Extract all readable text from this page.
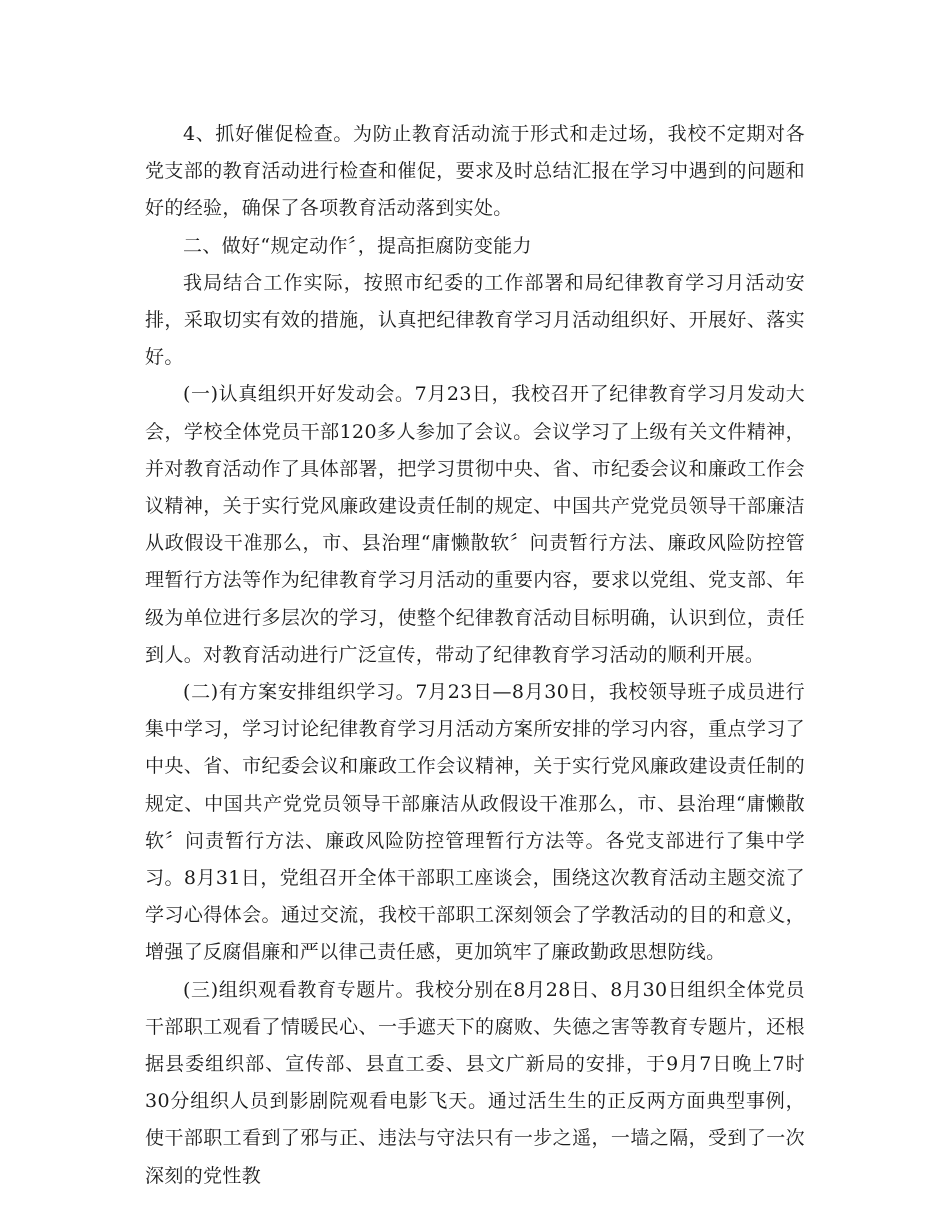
4、抓好催促检查。为防止教育活动流于形式和走过场，我校不定期对各党支部的教育活动进行检查和催促，要求及时总结汇报在学习中遇到的问题和好的经验，确保了各项教育活动落到实处。

二、做好“规定动作〞，提高拒腐防变能力

我局结合工作实际，按照市纪委的工作部署和局纪律教育学习月活动安排，采取切实有效的措施，认真把纪律教育学习月活动组织好、开展好、落实好。

(一)认真组织开好发动会。7月23日，我校召开了纪律教育学习月发动大会，学校全体党员干部120多人参加了会议。会议学习了上级有关文件精神，并对教育活动作了具体部署，把学习贯彻中央、省、市纪委会议和廉政工作会议精神，关于实行党风廉政建设责任制的规定、中国共产党党员领导干部廉洁从政假设干准那么，市、县治理“庸懒散软〞问责暂行方法、廉政风险防控管理暂行方法等作为纪律教育学习月活动的重要内容，要求以党组、党支部、年级为单位进行多层次的学习，使整个纪律教育活动目标明确，认识到位，责任到人。对教育活动进行广泛宣传，带动了纪律教育学习活动的顺利开展。

(二)有方案安排组织学习。7月23日—8月30日，我校领导班子成员进行集中学习，学习讨论纪律教育学习月活动方案所安排的学习内容，重点学习了中央、省、市纪委会议和廉政工作会议精神，关于实行党风廉政建设责任制的规定、中国共产党党员领导干部廉洁从政假设干准那么，市、县治理“庸懒散软〞问责暂行方法、廉政风险防控管理暂行方法等。各党支部进行了集中学习。8月31日，党组召开全体干部职工座谈会，围绕这次教育活动主题交流了学习心得体会。通过交流，我校干部职工深刻领会了学教活动的目的和意义，增强了反腐倡廉和严以律己责任感，更加筑牢了廉政勤政思想防线。

(三)组织观看教育专题片。我校分别在8月28日、8月30日组织全体党员干部职工观看了情暖民心、一手遮天下的腐败、失德之害等教育专题片，还根据县委组织部、宣传部、县直工委、县文广新局的安排，于9月7日晚上7时30分组织人员到影剧院观看电影飞天。通过活生生的正反两方面典型事例，使干部职工看到了邪与正、违法与守法只有一步之遥，一墙之隔，受到了一次深刻的党性教
